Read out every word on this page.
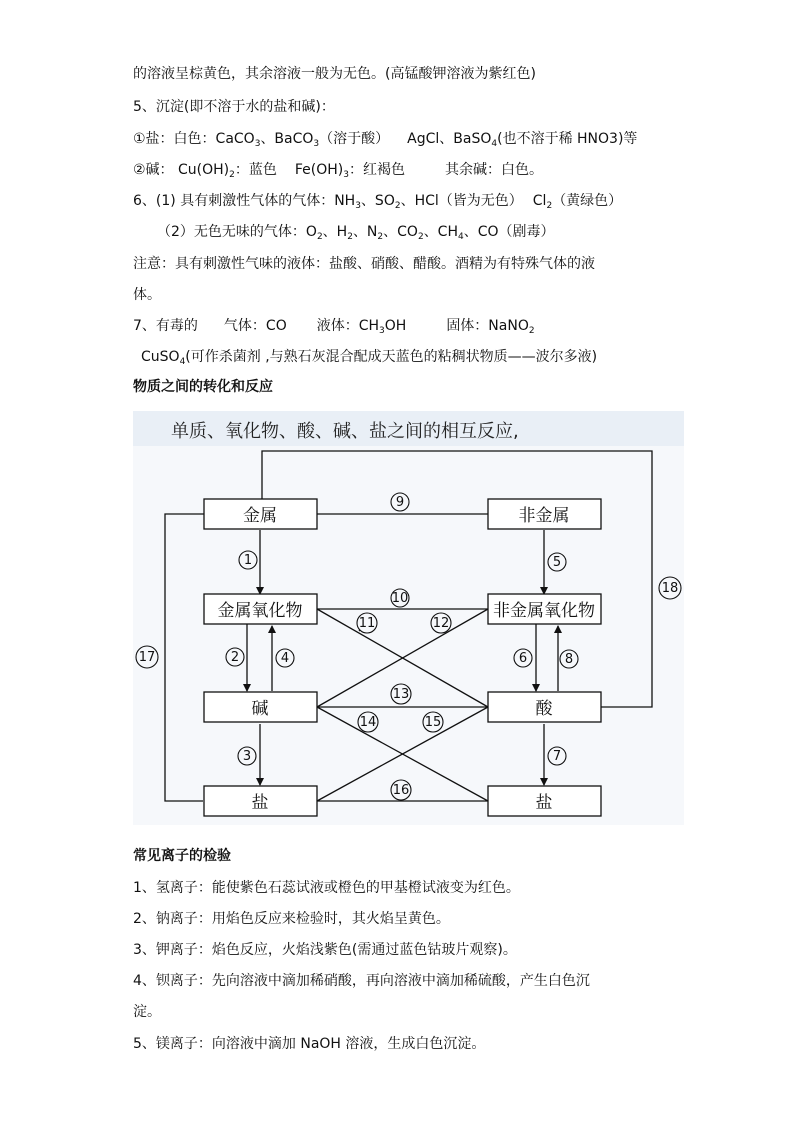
的溶液呈棕黄色，其余溶液一般为无色。(高锰酸钾溶液为紫红色)
5、沉淀(即不溶于水的盐和碱)：
①盐：白色：CaCO$_3$、BaCO$_3$（溶于酸） AgCl、BaSO$_4$(也不溶于稀 HNO3)等
②碱： $Cu(OH)_2$：蓝色 $Fe(OH)_3$：红褐色	其余碱：白色。
6、(1) 具有刺激性气体的气体：$NH_3$、$SO_2$、HCl（皆为无色） $Cl_2$（黄绿色）
（2）无色无味的气体：$O_2$、$H_2$、$N_2$、$CO_2$、$CH_4$、CO（剧毒）
注意：具有刺激性气味的液体：盐酸、硝酸、醋酸。酒精为有特殊气体的液
体。
7、有毒的 气体：CO 液体：$CH_3OH$	固体：NaNO$_2$
CuSO$_4$(可作杀菌剂 ,与熟石灰混合配成天蓝色的粘稠状物质——波尔多液)
物质之间的转化和反应
单质、氧化物、酸、碱、盐之间的相互反应,
金属	非金属
金属氧化物	非金属氧化物
碱	酸
盐	盐
9
1	5
10
11	12
2	4	6	8
13
14	15
3	7
16
17
18
常见离子的检验
1、氢离子：能使紫色石蕊试液或橙色的甲基橙试液变为红色。
2、钠离子：用焰色反应来检验时，其火焰呈黄色。
3、钾离子：焰色反应，火焰浅紫色(需通过蓝色钴玻片观察)。
4、钡离子：先向溶液中滴加稀硝酸，再向溶液中滴加稀硫酸，产生白色沉
淀。
5、镁离子：向溶液中滴加 NaOH 溶液，生成白色沉淀。
